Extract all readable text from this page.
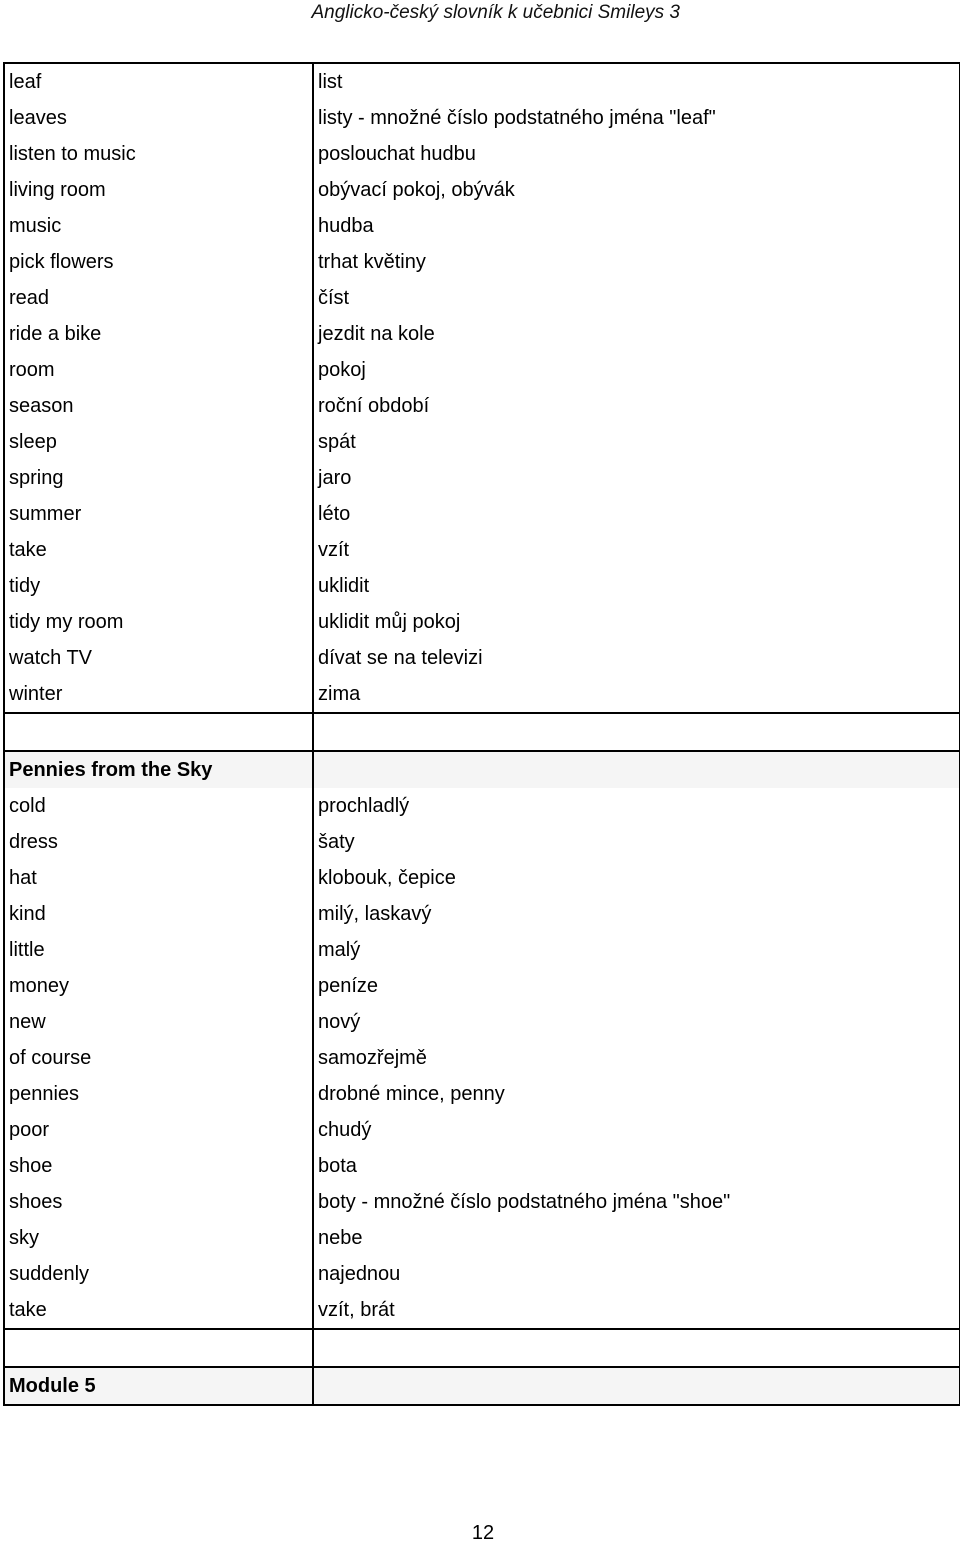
Anglicko-český slovník k učebnici Smileys 3
leaf	list
leaves	listy - množné číslo podstatného jména "leaf"
listen to music	poslouchat hudbu
living room	obývací pokoj, obývák
music	hudba
pick flowers	trhat květiny
read	číst
ride a bike	jezdit na kole
room	pokoj
season	roční období
sleep	spát
spring	jaro
summer	léto
take	vzít
tidy	uklidit
tidy my room	uklidit můj pokoj
watch TV	dívat se na televizi
winter	zima

Pennies from the Sky	
cold	prochladlý
dress	šaty
hat	klobouk, čepice
kind	milý, laskavý
little	malý
money	peníze
new	nový
of course	samozřejmě
pennies	drobné mince, penny
poor	chudý
shoe	bota
shoes	boty - množné číslo podstatného jména "shoe"
sky	nebe
suddenly	najednou
take	vzít, brát

Module 5	
12
